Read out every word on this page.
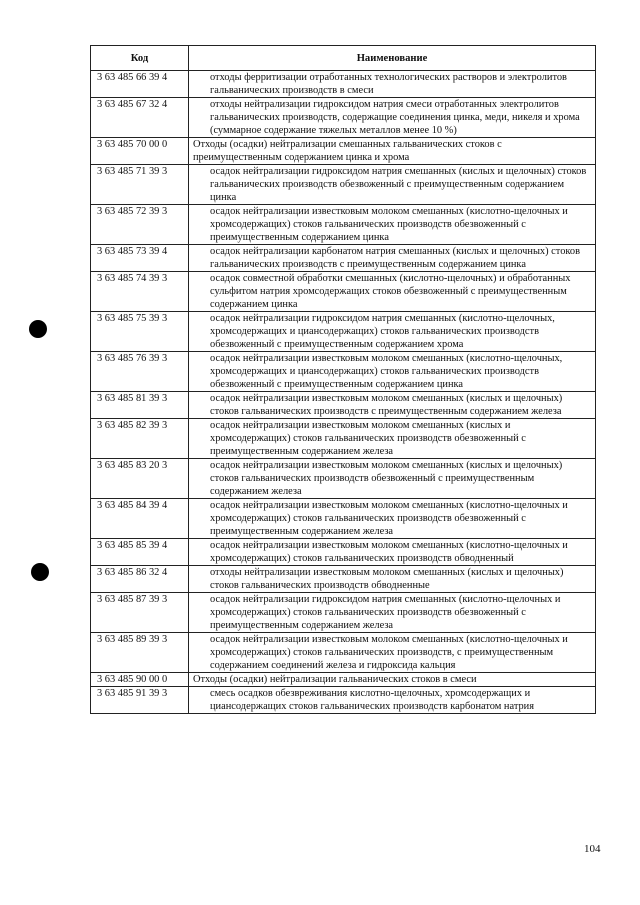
Код	Наименование
3 63 485 66 39 4	отходы ферритизации отработанных технологических растворов и электролитов гальванических производств в смеси
3 63 485 67 32 4	отходы нейтрализации гидроксидом натрия смеси отработанных электролитов гальванических производств, содержащие соединения цинка, меди, никеля и хрома (суммарное содержание тяжелых металлов менее 10 %)
3 63 485 70 00 0	Отходы (осадки) нейтрализации смешанных гальванических стоков с преимущественным содержанием цинка и хрома
3 63 485 71 39 3	осадок нейтрализации гидроксидом натрия смешанных (кислых и щелочных) стоков гальванических производств обезвоженный с преимущественным содержанием цинка
3 63 485 72 39 3	осадок нейтрализации известковым молоком смешанных (кислотно-щелочных и хромсодержащих) стоков гальванических производств обезвоженный с преимущественным содержанием цинка
3 63 485 73 39 4	осадок нейтрализации карбонатом натрия смешанных (кислых и щелочных) стоков гальванических производств с преимущественным содержанием цинка
3 63 485 74 39 3	осадок совместной обработки смешанных (кислотно-щелочных) и обработанных сульфитом натрия хромсодержащих стоков обезвоженный с преимущественным содержанием цинка
3 63 485 75 39 3	осадок нейтрализации гидроксидом натрия смешанных (кислотно-щелочных, хромсодержащих и циансодержащих) стоков гальванических производств обезвоженный с преимущественным содержанием хрома
3 63 485 76 39 3	осадок нейтрализации известковым молоком смешанных (кислотно-щелочных, хромсодержащих и циансодержащих) стоков гальванических производств обезвоженный с преимущественным содержанием цинка
3 63 485 81 39 3	осадок нейтрализации известковым молоком смешанных (кислых и щелочных) стоков гальванических производств с преимущественным содержанием железа
3 63 485 82 39 3	осадок нейтрализации известковым молоком смешанных (кислых и хромсодержащих) стоков гальванических производств обезвоженный с преимущественным содержанием железа
3 63 485 83 20 3	осадок нейтрализации известковым молоком смешанных (кислых и щелочных) стоков гальванических производств обезвоженный с преимущественным содержанием железа
3 63 485 84 39 4	осадок нейтрализации известковым молоком смешанных (кислотно-щелочных и хромсодержащих) стоков гальванических производств обезвоженный с преимущественным содержанием железа
3 63 485 85 39 4	осадок нейтрализации известковым молоком смешанных (кислотно-щелочных и хромсодержащих) стоков гальванических производств обводненный
3 63 485 86 32 4	отходы нейтрализации известковым молоком смешанных (кислых и щелочных) стоков гальванических производств обводненные
3 63 485 87 39 3	осадок нейтрализации гидроксидом натрия смешанных (кислотно-щелочных и хромсодержащих) стоков гальванических производств обезвоженный с преимущественным содержанием железа
3 63 485 89 39 3	осадок нейтрализации известковым молоком смешанных (кислотно-щелочных и хромсодержащих) стоков гальванических производств, с преимущественным содержанием соединений железа и гидроксида кальция
3 63 485 90 00 0	Отходы (осадки) нейтрализации гальванических стоков в смеси
3 63 485 91 39 3	смесь осадков обезвреживания кислотно-щелочных, хромсодержащих и циансодержащих стоков гальванических производств карбонатом натрия
104
